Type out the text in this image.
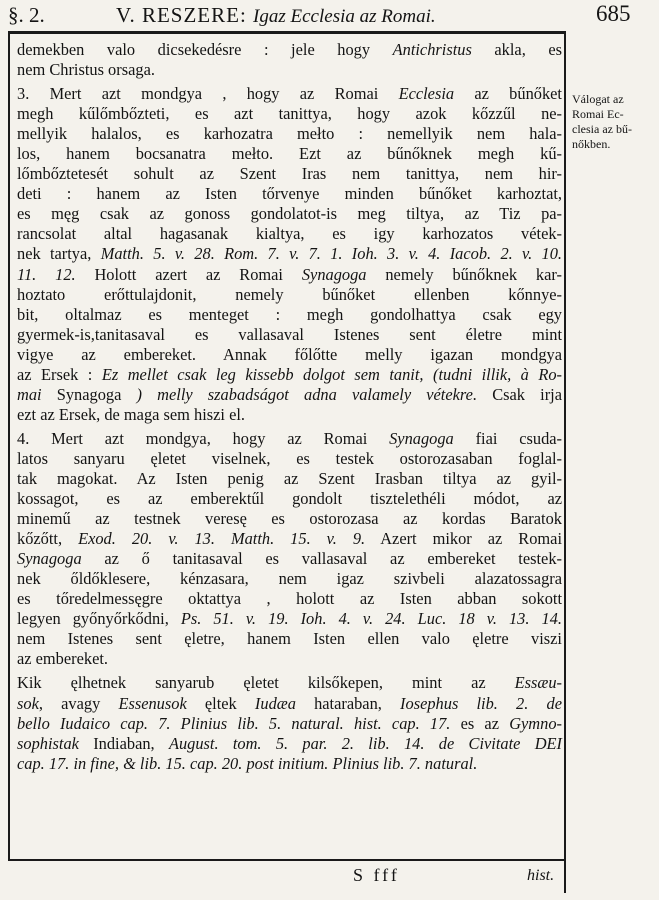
§. 2.	V. RESZERE: Igaz Ecclesia az Romai.	685
Válogat az
Romai Ec-
clesia az bű-
nőkben.
demekben valo dicsekedésre : jele hogy Antichristus akla, es
nem Christus orsaga.
3. Mert azt mondgya , hogy az Romai Ecclesia az bűnőket
megh kűlőmbőzteti, es azt tanittya, hogy azok kőzzűl ne-
mellyik halalos, es karhozatra mełto : nemellyik nem hala-
los, hanem bocsanatra mełto. Ezt az bűnőknek megh kű-
lőmbőztetesét sohult az Szent Iras nem tanittya, nem hir-
deti : hanem az Isten tőrvenye minden bűnőket karhoztat,
es męg csak az gonoss gondolatot-is meg tiltya, az Tiz pa-
rancsolat altal hagasanak kialtya, es igy karhozatos vétek-
nek tartya, Matth. 5. v. 28. Rom. 7. v. 7. 1. Ioh. 3. v. 4. Iacob. 2. v. 10.
11. 12. Holott azert az Romai Synagoga nemely bűnőknek kar-
hoztato erőttulajdonit, nemely bűnőket ellenben kőnnye-
bit, oltalmaz es menteget : megh gondolhattya csak egy
gyermek-is,tanitasaval es vallasaval Istenes sent életre mint
vigye az embereket. Annak főlőtte melly igazan mondgya
az Ersek : Ez mellet csak leg kissebb dolgot sem tanit, (tudni illik, à Ro-
mai Synagoga ) melly szabadságot adna valamely vétekre. Csak irja
ezt az Ersek, de maga sem hiszi el.
4. Mert azt mondgya, hogy az Romai Synagoga fiai csuda-
latos sanyaru ęletet viselnek, es testek ostorozasaban foglal-
tak magokat. Az Isten penig az Szent Irasban tiltya az gyil-
kossagot, es az emberektűl gondolt tisztelethéli módot, az
minemű az testnek veresę es ostorozasa az kordas Baratok
kőzőtt, Exod. 20. v. 13. Matth. 15. v. 9. Azert mikor az Romai
Synagoga az ő tanitasaval es vallasaval az embereket testek-
nek őldőklesere, kénzasara, nem igaz szivbeli alazatossagra
es tőredelmessęgre oktattya , holott az Isten abban sokott
legyen győnyőrkődni, Ps. 51. v. 19. Ioh. 4. v. 24. Luc. 18 v. 13. 14.
nem Istenes sent ęletre, hanem Isten ellen valo ęletre viszi
az embereket.
Kik ęlhetnek sanyarub ęletet kilsőkepen, mint az Essæu-
sok, avagy Essenusok ęltek Iudæa hataraban, Iosephus lib. 2. de
bello Iudaico cap. 7. Plinius lib. 5. natural. hist. cap. 17. es az Gymno-
sophistak Indiaban, August. tom. 5. par. 2. lib. 14. de Civitate DEI
cap. 17. in fine, & lib. 15. cap. 20. post initium. Plinius lib. 7. natural.
S fff	hist.
